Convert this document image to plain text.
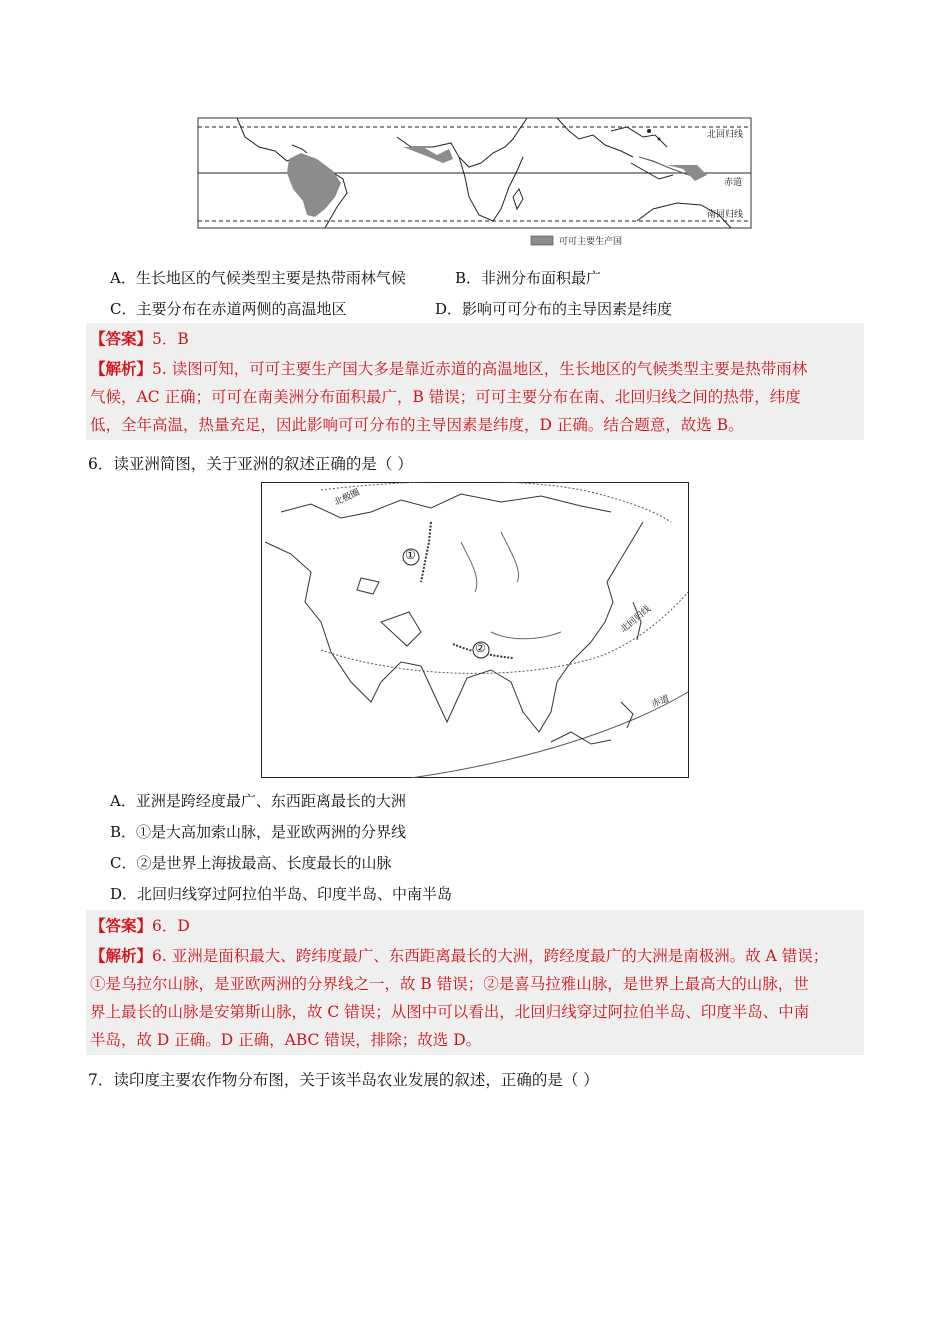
北回归线
赤道
南回归线
可可主要生产国
A．生长地区的气候类型主要是热带雨林气候	B．非洲分布面积最广
C．主要分布在赤道两侧的高温地区	D．影响可可分布的主导因素是纬度
【答案】5．B
【解析】5. 读图可知，可可主要生产国大多是靠近赤道的高温地区，生长地区的气候类型主要是热带雨林
气候，AC 正确；可可在南美洲分布面积最广，B 错误；可可主要分布在南、北回归线之间的热带，纬度
低，全年高温，热量充足，因此影响可可分布的主导因素是纬度，D 正确。结合题意，故选 B。
6．读亚洲简图，关于亚洲的叙述正确的是（ ）
北极圈
北回归线
赤道
①
②
A．亚洲是跨经度最广、东西距离最长的大洲
B．①是大高加索山脉，是亚欧两洲的分界线
C．②是世界上海拔最高、长度最长的山脉
D．北回归线穿过阿拉伯半岛、印度半岛、中南半岛
【答案】6．D
【解析】6. 亚洲是面积最大、跨纬度最广、东西距离最长的大洲，跨经度最广的大洲是南极洲。故 A 错误；
①是乌拉尔山脉，是亚欧两洲的分界线之一，故 B 错误；②是喜马拉雅山脉，是世界上最高大的山脉，世
界上最长的山脉是安第斯山脉，故 C 错误；从图中可以看出，北回归线穿过阿拉伯半岛、印度半岛、中南
半岛，故 D 正确。D 正确，ABC 错误，排除；故选 D。
7．读印度主要农作物分布图，关于该半岛农业发展的叙述，正确的是（ ）
